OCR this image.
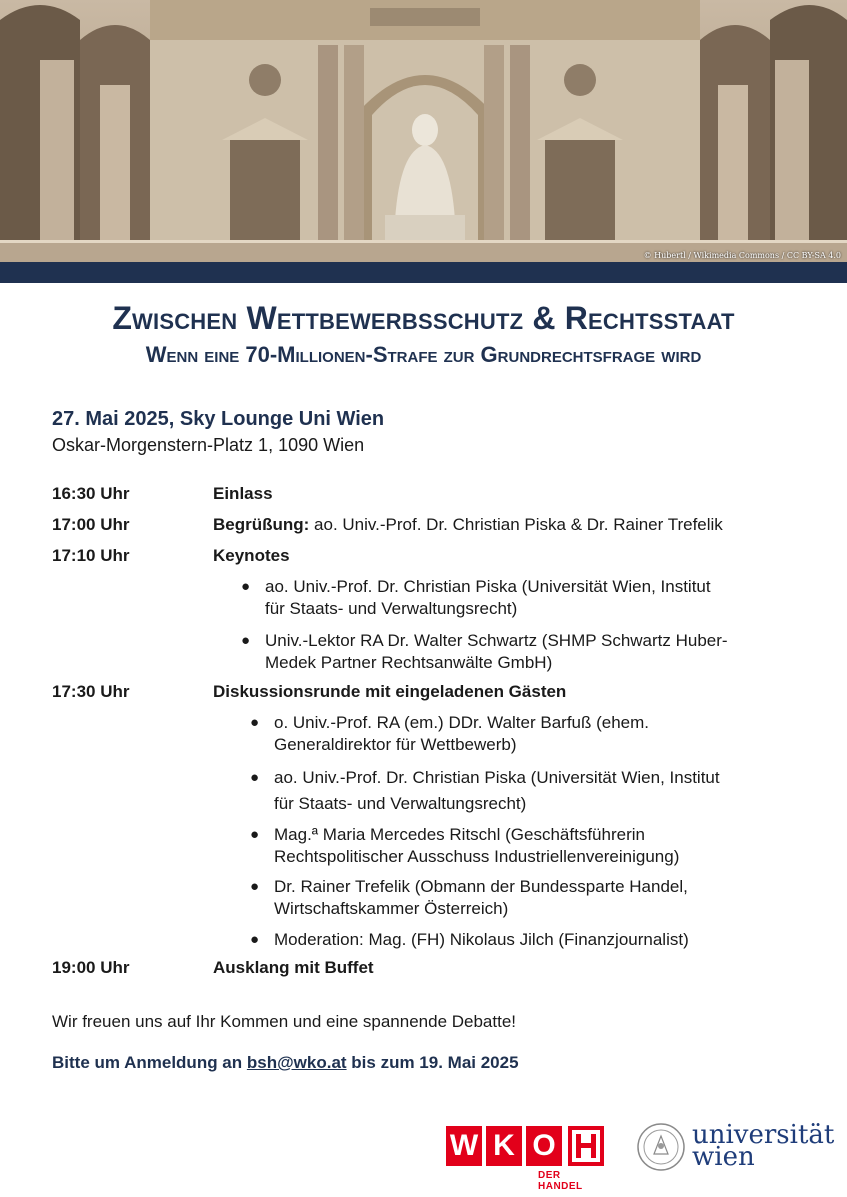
© Hubertl / Wikimedia Commons / CC BY-SA 4.0
Zwischen Wettbewerbsschutz & Rechtsstaat
Wenn eine 70-Millionen-Strafe zur Grundrechtsfrage wird
27. Mai 2025, Sky Lounge Uni Wien
Oskar-Morgenstern-Platz 1, 1090 Wien
16:30 Uhr	Einlass
17:00 Uhr	Begrüßung: ao. Univ.-Prof. Dr. Christian Piska & Dr. Rainer Trefelik
17:10 Uhr	Keynotes
● ao. Univ.-Prof. Dr. Christian Piska (Universität Wien, Institut
für Staats- und Verwaltungsrecht)
● Univ.-Lektor RA Dr. Walter Schwartz (SHMP Schwartz Huber-
Medek Partner Rechtsanwälte GmbH)
17:30 Uhr	Diskussionsrunde mit eingeladenen Gästen
● o. Univ.-Prof. RA (em.) DDr. Walter Barfuß (ehem.
Generaldirektor für Wettbewerb)
● ao. Univ.-Prof. Dr. Christian Piska (Universität Wien, Institut
für Staats- und Verwaltungsrecht)
● Mag.ª Maria Mercedes Ritschl (Geschäftsführerin
Rechtspolitischer Ausschuss Industriellenvereinigung)
● Dr. Rainer Trefelik (Obmann der Bundessparte Handel,
Wirtschaftskammer Österreich)
● Moderation: Mag. (FH) Nikolaus Jilch (Finanzjournalist)
19:00 Uhr	Ausklang mit Buffet
Wir freuen uns auf Ihr Kommen und eine spannende Debatte!
Bitte um Anmeldung an bsh@wko.at bis zum 19. Mai 2025
W K O
DER HANDEL
universität
wien
